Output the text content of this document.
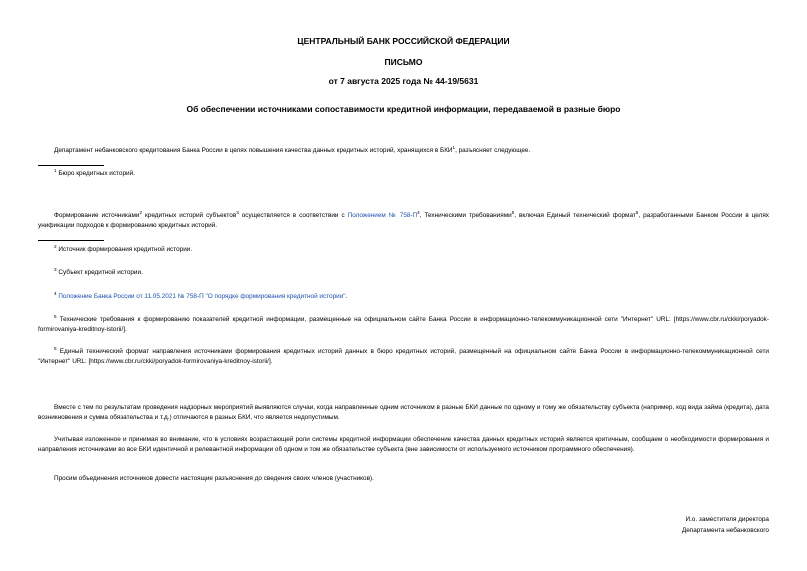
ЦЕНТРАЛЬНЫЙ БАНК РОССИЙСКОЙ ФЕДЕРАЦИИ
ПИСЬМО
от 7 августа 2025 года № 44-19/5631
Об обеспечении источниками сопоставимости кредитной информации, передаваемой в разные бюро
Департамент небанковского кредитования Банка России в целях повышения качества данных кредитных историй, хранящихся в БКИ$^1$, разъясняет следующее.
$^1$ Бюро кредитных историй.
Формирование источниками$^2$ кредитных историй субъектов$^3$ осуществляется в соответствии с Положением № $758-П^4$, Техническими требованиями$^5$, включая Единый технический формат$^6$, разработанными Банком России в целях унификации подходов к формированию кредитных историй.
$^2$ Источник формирования кредитной истории.
$^3$ Субъект кредитной истории.
$^4$ Положение Банка России от 11.05.2021 № 758-П "О порядке формирования кредитной истории".
$^5$ Технические требования к формированию показателей кредитной информации, размещенные на официальном сайте Банка России в информационно-телекоммуникационной сети "Интернет" URL: [https://www.cbr.ru/ckki/poryadok-formirovaniya-kreditnoy-istorii/].
$^6$ Единый технический формат направления источниками формирования кредитных историй данных в бюро кредитных историй, размещенный на официальном сайте Банка России в информационно-телекоммуникационной сети "Интернет" URL: [https://www.cbr.ru/ckki/poryadok-formirovaniya-kreditnoy-istorii/].
Вместе с тем по результатам проведения надзорных мероприятий выявляются случаи, когда направленные одним источником в разные БКИ данные по одному и тому же обязательству субъекта (например, код вида займа (кредита), дата возникновения и сумма обязательства и т.д.) отличаются в разных БКИ, что является недопустимым.
Учитывая изложенное и принимая во внимание, что в условиях возрастающей роли системы кредитной информации обеспечение качества данных кредитных историй является критичным, сообщаем о необходимости формирования и направления источниками во все БКИ идентичной и релевантной информации об одном и том же обязательстве субъекта (вне зависимости от используемого источником программного обеспечения).
Просим объединения источников довести настоящие разъяснения до сведения своих членов (участников).
И.о. заместителя директора
Департамента небанковского
